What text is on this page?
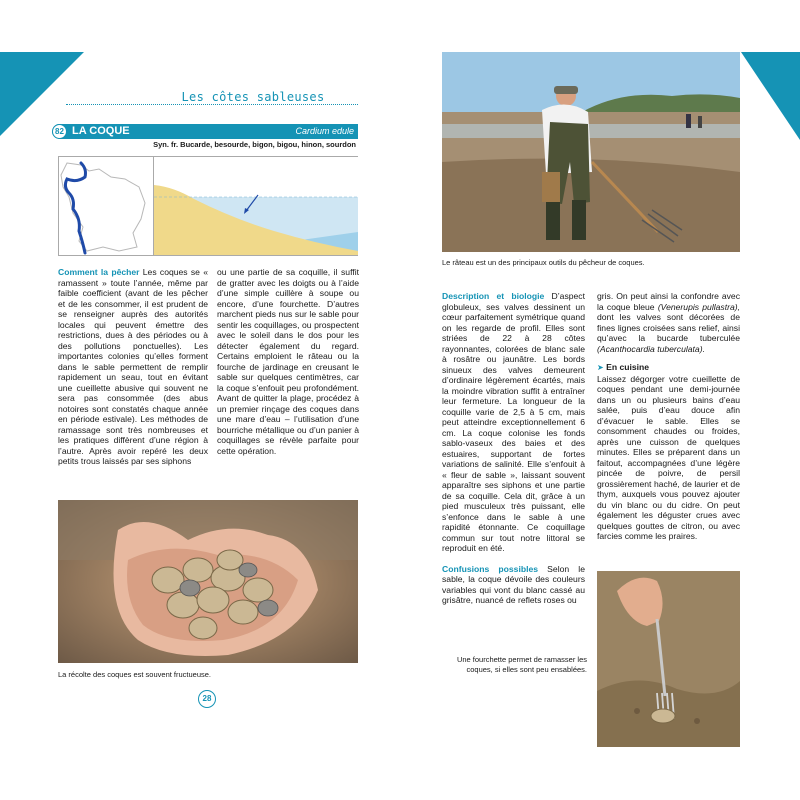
Les côtes sableuses
82 LA COQUE	Cardium edule
Syn. fr. Bucarde, besourde, bigon, bigou, hinon, sourdon

Comment la pêcher Les coques se « ramassent » toute l’année, même par faible coefficient (avant de les pêcher et de les consommer, il est prudent de se renseigner auprès des autorités locales qui peuvent émettre des restrictions, dues à des périodes ou à des pollutions ponctuelles). Les importantes colonies qu’elles forment dans le sable permettent de remplir rapidement un seau, tout en évitant une cueillette abusive qui souvent ne sera pas consommée (des abus notoires sont constatés chaque année en période estivale). Les méthodes de ramassage sont très nombreuses et les pratiques diffèrent d’une région à l’autre. Après avoir repéré les deux petits trous laissés par ses siphons

ou une partie de sa coquille, il suffit de gratter avec les doigts ou à l’aide d’une simple cuillère à soupe ou encore, d’une fourchette. D’autres marchent pieds nus sur le sable pour sentir les coquillages, ou prospectent avec le soleil dans le dos pour les détecter également du regard. Certains emploient le râteau ou la fourche de jardinage en creusant le sable sur quelques centimètres, car la coque s’enfouit peu profondément. Avant de quitter la plage, procédez à un premier rinçage des coques dans une mare d’eau – l’utilisation d’une bourriche métallique ou d’un panier à coquillages se révèle parfaite pour cette opération.

La récolte des coques est souvent fructueuse.
28
Le râteau est un des principaux outils du pêcheur de coques.

Description et biologie D’aspect globuleux, ses valves dessinent un cœur parfaitement symétrique quand on les regarde de profil. Elles sont striées de 22 à 28 côtes rayonnantes, colorées de blanc sale à rosâtre ou jaunâtre. Les bords sinueux des valves demeurent d’ordinaire légèrement écartés, mais la moindre vibration suffit à entraîner leur fermeture. La longueur de la coquille varie de 2,5 à 5 cm, mais peut atteindre exceptionnellement 6 cm. La coque colonise les fonds sablo-vaseux des baies et des estuaires, supportant de fortes variations de salinité. Elle s’enfouit à « fleur de sable », laissant souvent apparaître ses siphons et une partie de sa coquille. Cela dit, grâce à un pied musculeux très puissant, elle s’enfonce dans le sable à une rapidité étonnante. Ce coquillage commun sur tout notre littoral se reproduit en été.

Confusions possibles Selon le sable, la coque dévoile des couleurs variables qui vont du blanc cassé au grisâtre, nuancé de reflets roses ou

gris. On peut ainsi la confondre avec la coque bleue (Venerupis pullastra), dont les valves sont décorées de fines lignes croisées sans relief, ainsi qu’avec la bucarde tuberculée (Acanthocardia tuberculata).

➤ En cuisine

Laissez dégorger votre cueillette de coques pendant une demi-journée dans un ou plusieurs bains d’eau salée, puis d’eau douce afin d’évacuer le sable. Elles se consomment chaudes ou froides, après une cuisson de quelques minutes. Elles se préparent dans un faitout, accompagnées d’une légère pincée de poivre, de persil grossièrement haché, de laurier et de thym, auxquels vous pouvez ajouter du vin blanc ou du cidre. On peut également les déguster crues avec quelques gouttes de citron, ou avec farcies comme les praires.

Une fourchette permet de ramasser les coques, si elles sont peu ensablées.
